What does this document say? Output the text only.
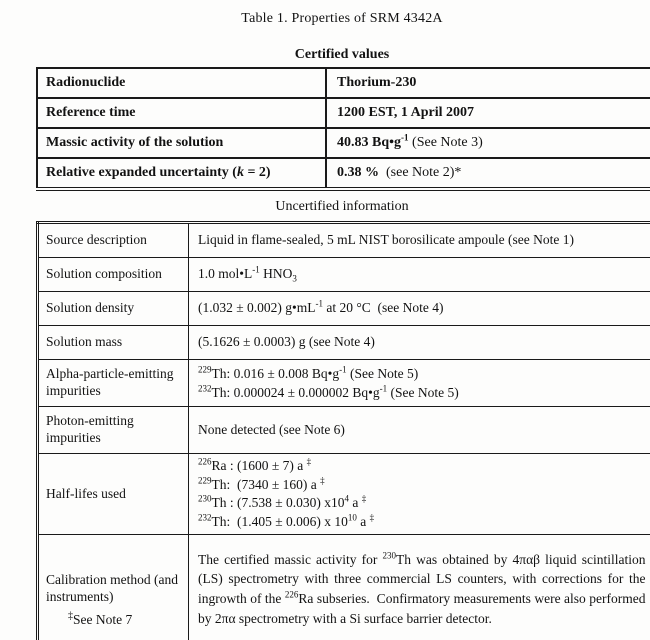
Table 1. Properties of SRM 4342A
Certified values
Radionuclide	Thorium-230
Reference time	1200 EST, 1 April 2007
Massic activity of the solution	40.83 $Bq•g^{-1}$ (See Note 3)
Relative expanded uncertainty (k = 2)	0.38 %  (see Note 2)*
Uncertified information
Source description	Liquid in flame-sealed, 5 mL NIST borosilicate ampoule (see Note 1)
Solution composition	1.0 $mol•L^{-1}$ $HNO_3$
Solution density	(1.032 ± 0.002) $g•mL^{-1}$ at 20 °C  (see Note 4)
Solution mass	(5.1626 ± 0.0003) g (see Note 4)
Alpha-particle-emitting impurities	$^{229}$Th: 0.016 ± 0.008 $Bq•g^{-1}$ (See Note 5)
$^{232}$Th: 0.000024 ± 0.000002 $Bq•g^{-1}$ (See Note 5)
Photon-emitting impurities	None detected (see Note 6)
Half-lifes used	$^{226}$Ra : (1600 ± 7) a ‡
$^{229}$Th:  (7340 ± 160) a ‡
$^{230}$Th : (7.538 ± 0.030) $x10^4$ a ‡
$^{232}$Th:  (1.405 ± 0.006) x $10^{10}$ a ‡
Calibration method (and instruments)	The certified massic activity for $^{230}$Th was obtained by 4παβ liquid scintillation (LS) spectrometry with three commercial LS counters, with corrections for the ingrowth of the $^{226}$Ra subseries.  Confirmatory measurements were also performed by 2πα spectrometry with a Si surface barrier detector.
‡See Note 7
